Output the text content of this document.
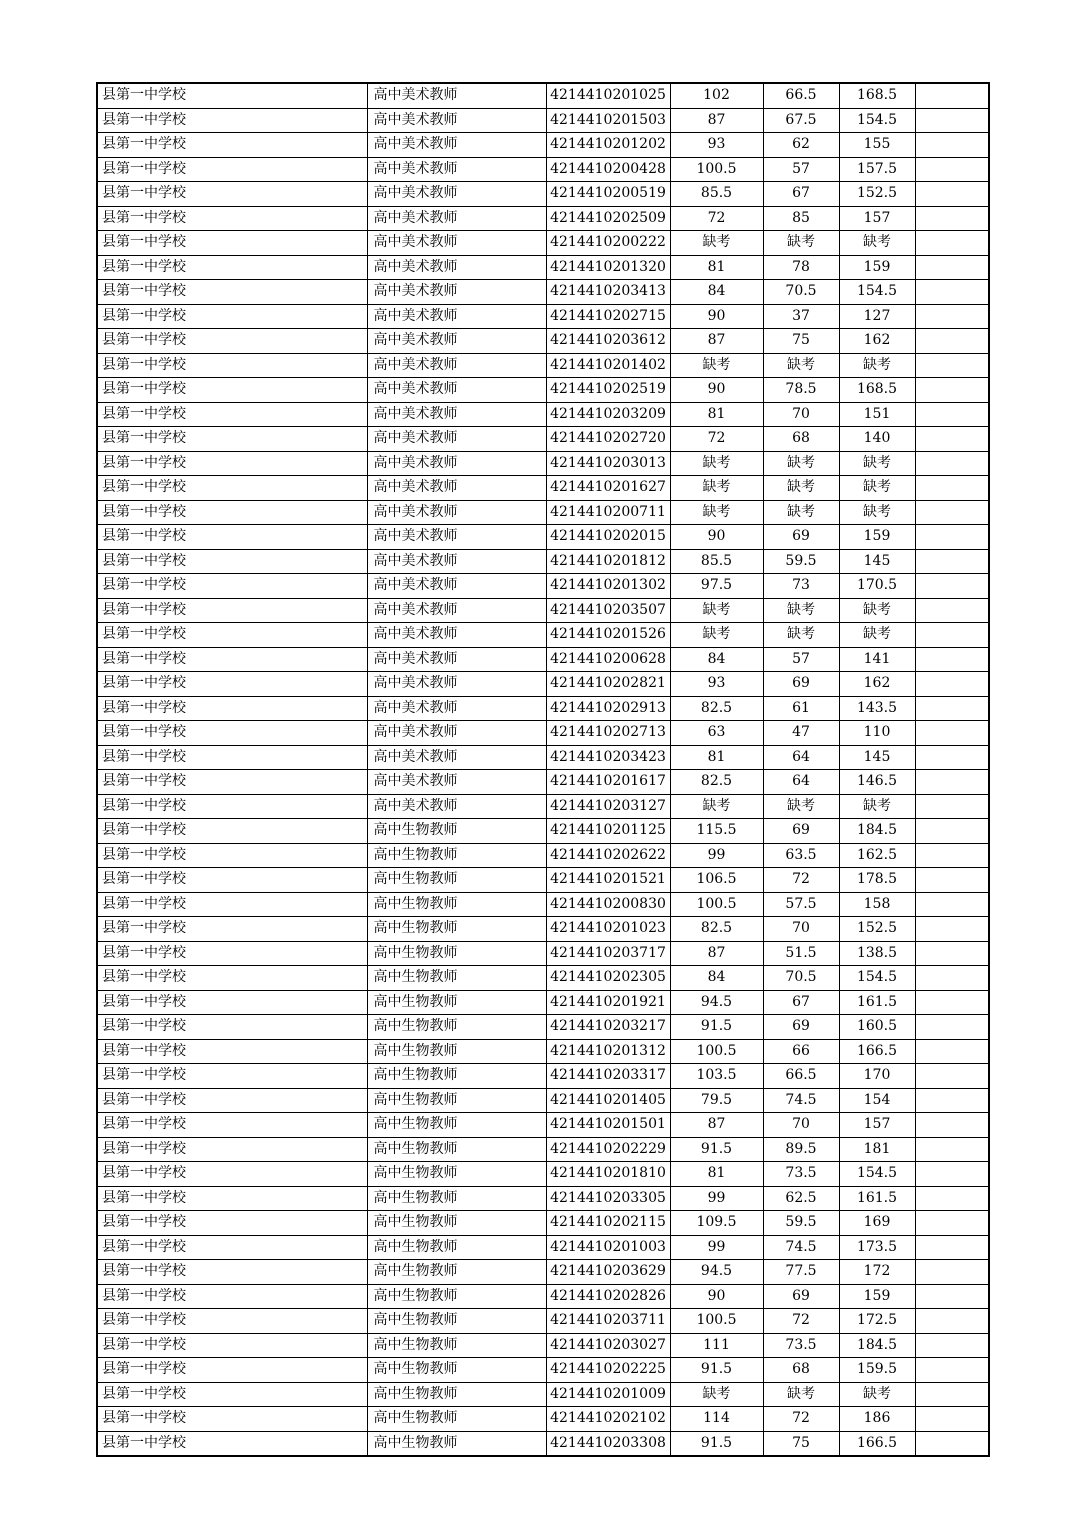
县第一中学校	高中美术教师	4214410201025	102	66.5	168.5	
县第一中学校	高中美术教师	4214410201503	87	67.5	154.5	
县第一中学校	高中美术教师	4214410201202	93	62	155	
县第一中学校	高中美术教师	4214410200428	100.5	57	157.5	
县第一中学校	高中美术教师	4214410200519	85.5	67	152.5	
县第一中学校	高中美术教师	4214410202509	72	85	157	
县第一中学校	高中美术教师	4214410200222	缺考	缺考	缺考	
县第一中学校	高中美术教师	4214410201320	81	78	159	
县第一中学校	高中美术教师	4214410203413	84	70.5	154.5	
县第一中学校	高中美术教师	4214410202715	90	37	127	
县第一中学校	高中美术教师	4214410203612	87	75	162	
县第一中学校	高中美术教师	4214410201402	缺考	缺考	缺考	
县第一中学校	高中美术教师	4214410202519	90	78.5	168.5	
县第一中学校	高中美术教师	4214410203209	81	70	151	
县第一中学校	高中美术教师	4214410202720	72	68	140	
县第一中学校	高中美术教师	4214410203013	缺考	缺考	缺考	
县第一中学校	高中美术教师	4214410201627	缺考	缺考	缺考	
县第一中学校	高中美术教师	4214410200711	缺考	缺考	缺考	
县第一中学校	高中美术教师	4214410202015	90	69	159	
县第一中学校	高中美术教师	4214410201812	85.5	59.5	145	
县第一中学校	高中美术教师	4214410201302	97.5	73	170.5	
县第一中学校	高中美术教师	4214410203507	缺考	缺考	缺考	
县第一中学校	高中美术教师	4214410201526	缺考	缺考	缺考	
县第一中学校	高中美术教师	4214410200628	84	57	141	
县第一中学校	高中美术教师	4214410202821	93	69	162	
县第一中学校	高中美术教师	4214410202913	82.5	61	143.5	
县第一中学校	高中美术教师	4214410202713	63	47	110	
县第一中学校	高中美术教师	4214410203423	81	64	145	
县第一中学校	高中美术教师	4214410201617	82.5	64	146.5	
县第一中学校	高中美术教师	4214410203127	缺考	缺考	缺考	
县第一中学校	高中生物教师	4214410201125	115.5	69	184.5	
县第一中学校	高中生物教师	4214410202622	99	63.5	162.5	
县第一中学校	高中生物教师	4214410201521	106.5	72	178.5	
县第一中学校	高中生物教师	4214410200830	100.5	57.5	158	
县第一中学校	高中生物教师	4214410201023	82.5	70	152.5	
县第一中学校	高中生物教师	4214410203717	87	51.5	138.5	
县第一中学校	高中生物教师	4214410202305	84	70.5	154.5	
县第一中学校	高中生物教师	4214410201921	94.5	67	161.5	
县第一中学校	高中生物教师	4214410203217	91.5	69	160.5	
县第一中学校	高中生物教师	4214410201312	100.5	66	166.5	
县第一中学校	高中生物教师	4214410203317	103.5	66.5	170	
县第一中学校	高中生物教师	4214410201405	79.5	74.5	154	
县第一中学校	高中生物教师	4214410201501	87	70	157	
县第一中学校	高中生物教师	4214410202229	91.5	89.5	181	
县第一中学校	高中生物教师	4214410201810	81	73.5	154.5	
县第一中学校	高中生物教师	4214410203305	99	62.5	161.5	
县第一中学校	高中生物教师	4214410202115	109.5	59.5	169	
县第一中学校	高中生物教师	4214410201003	99	74.5	173.5	
县第一中学校	高中生物教师	4214410203629	94.5	77.5	172	
县第一中学校	高中生物教师	4214410202826	90	69	159	
县第一中学校	高中生物教师	4214410203711	100.5	72	172.5	
县第一中学校	高中生物教师	4214410203027	111	73.5	184.5	
县第一中学校	高中生物教师	4214410202225	91.5	68	159.5	
县第一中学校	高中生物教师	4214410201009	缺考	缺考	缺考	
县第一中学校	高中生物教师	4214410202102	114	72	186	
县第一中学校	高中生物教师	4214410203308	91.5	75	166.5	
